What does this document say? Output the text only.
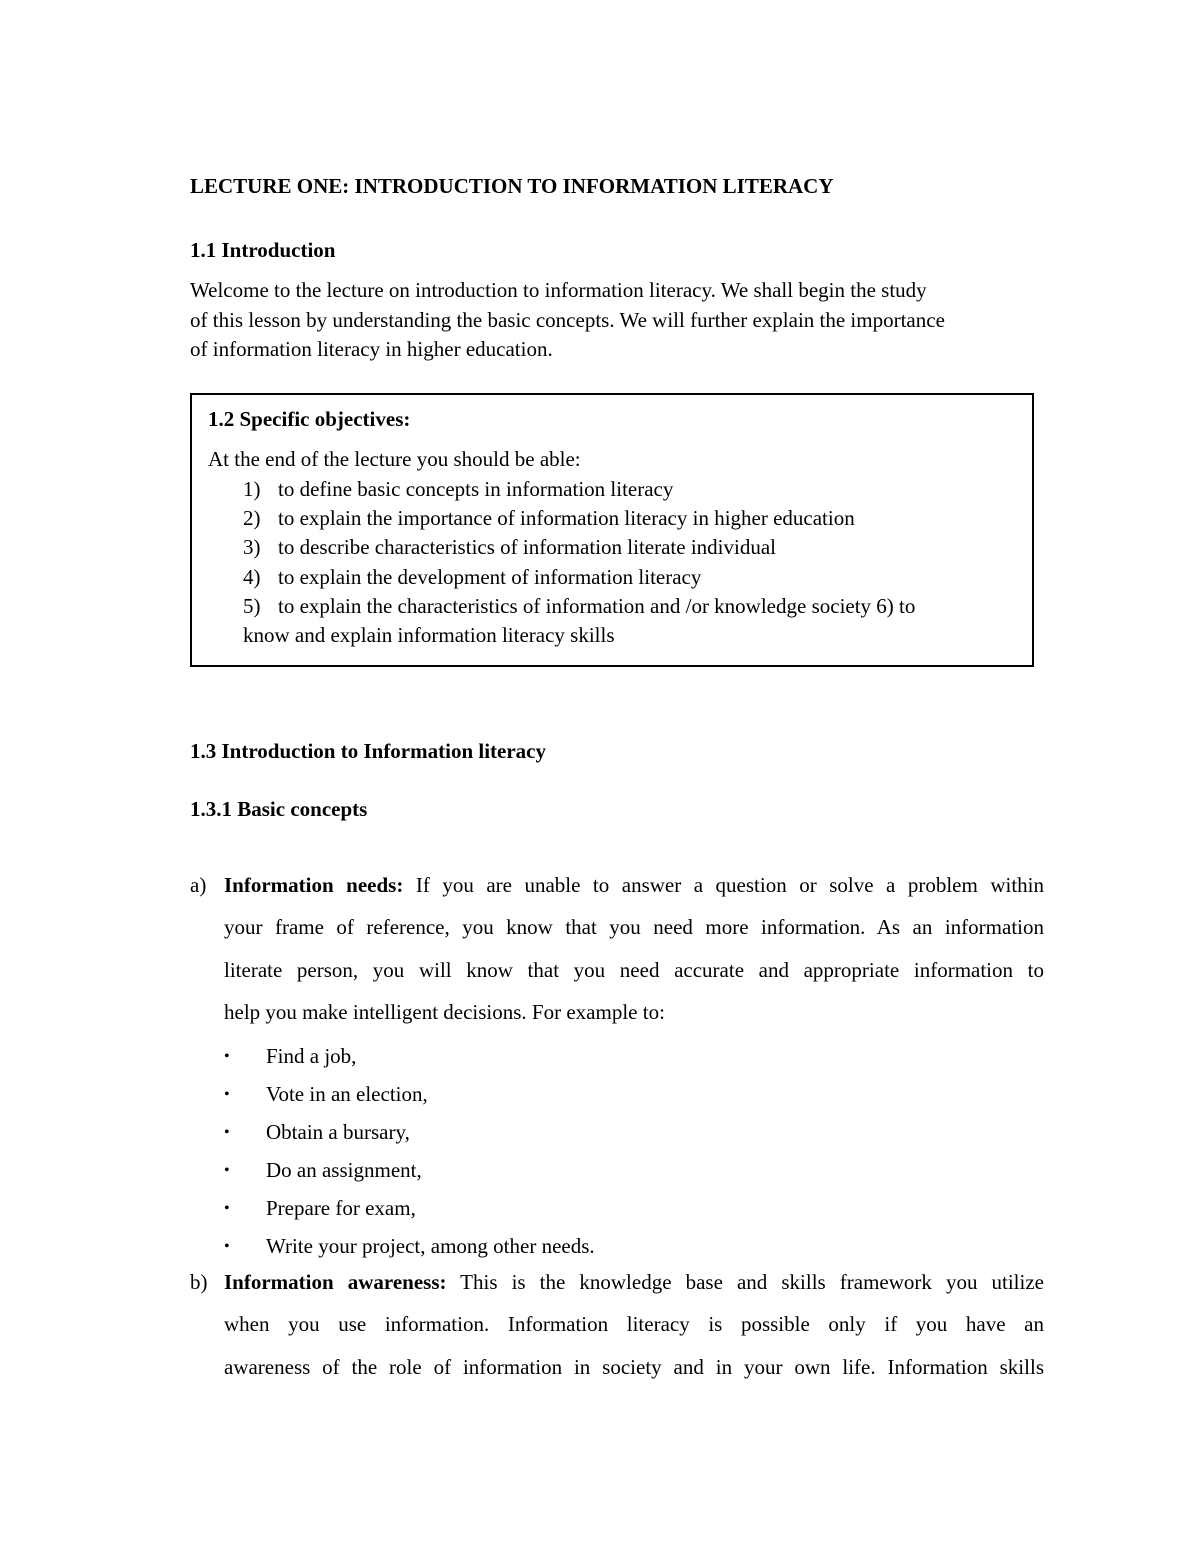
LECTURE ONE: INTRODUCTION TO INFORMATION LITERACY

1.1 Introduction

Welcome to the lecture on introduction to information literacy. We shall begin the study
of this lesson by understanding the basic concepts. We will further explain the importance
of information literacy in higher education.

1.2 Specific objectives:

At the end of the lecture you should be able:

1) to define basic concepts in information literacy
2) to explain the importance of information literacy in higher education
3) to describe characteristics of information literate individual
4) to explain the development of information literacy
5) to explain the characteristics of information and /or knowledge society 6) to
know and explain information literacy skills

1.3 Introduction to Information literacy

1.3.1 Basic concepts

a) Information needs: If you are unable to answer a question or solve a problem within
your frame of reference, you know that you need more information. As an information
literate person, you will know that you need accurate and appropriate information to
help you make intelligent decisions. For example to:
• Find a job,
• Vote in an election,
• Obtain a bursary,
• Do an assignment,
• Prepare for exam,
• Write your project, among other needs.

b) Information awareness: This is the knowledge base and skills framework you utilize
when you use information. Information literacy is possible only if you have an
awareness of the role of information in society and in your own life. Information skills
